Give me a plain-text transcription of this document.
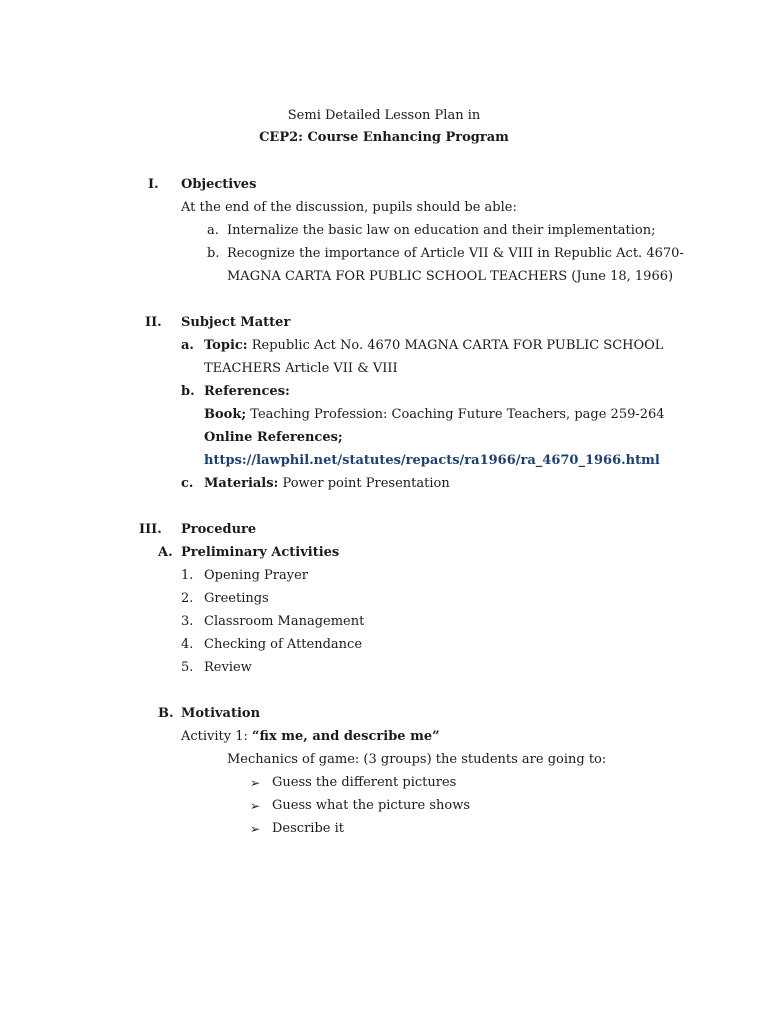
Semi Detailed Lesson Plan in
CEP2: Course Enhancing Program
I. Objectives
At the end of the discussion, pupils should be able:
a. Internalize the basic law on education and their implementation;
b. Recognize the importance of Article VII & VIII in Republic Act. 4670-
MAGNA CARTA FOR PUBLIC SCHOOL TEACHERS (June 18, 1966)
II. Subject Matter
a. Topic: Republic Act No. 4670 MAGNA CARTA FOR PUBLIC SCHOOL
TEACHERS Article VII & VIII
b. References:
Book; Teaching Profession: Coaching Future Teachers, page 259-264
Online References;
https://lawphil.net/statutes/repacts/ra1966/ra_4670_1966.html
c. Materials: Power point Presentation
III. Procedure
A. Preliminary Activities
1. Opening Prayer
2. Greetings
3. Classroom Management
4. Checking of Attendance
5. Review
B. Motivation
Activity 1: “fix me, and describe me”
Mechanics of game: (3 groups) the students are going to:
➢ Guess the different pictures
➢ Guess what the picture shows
➢ Describe it
